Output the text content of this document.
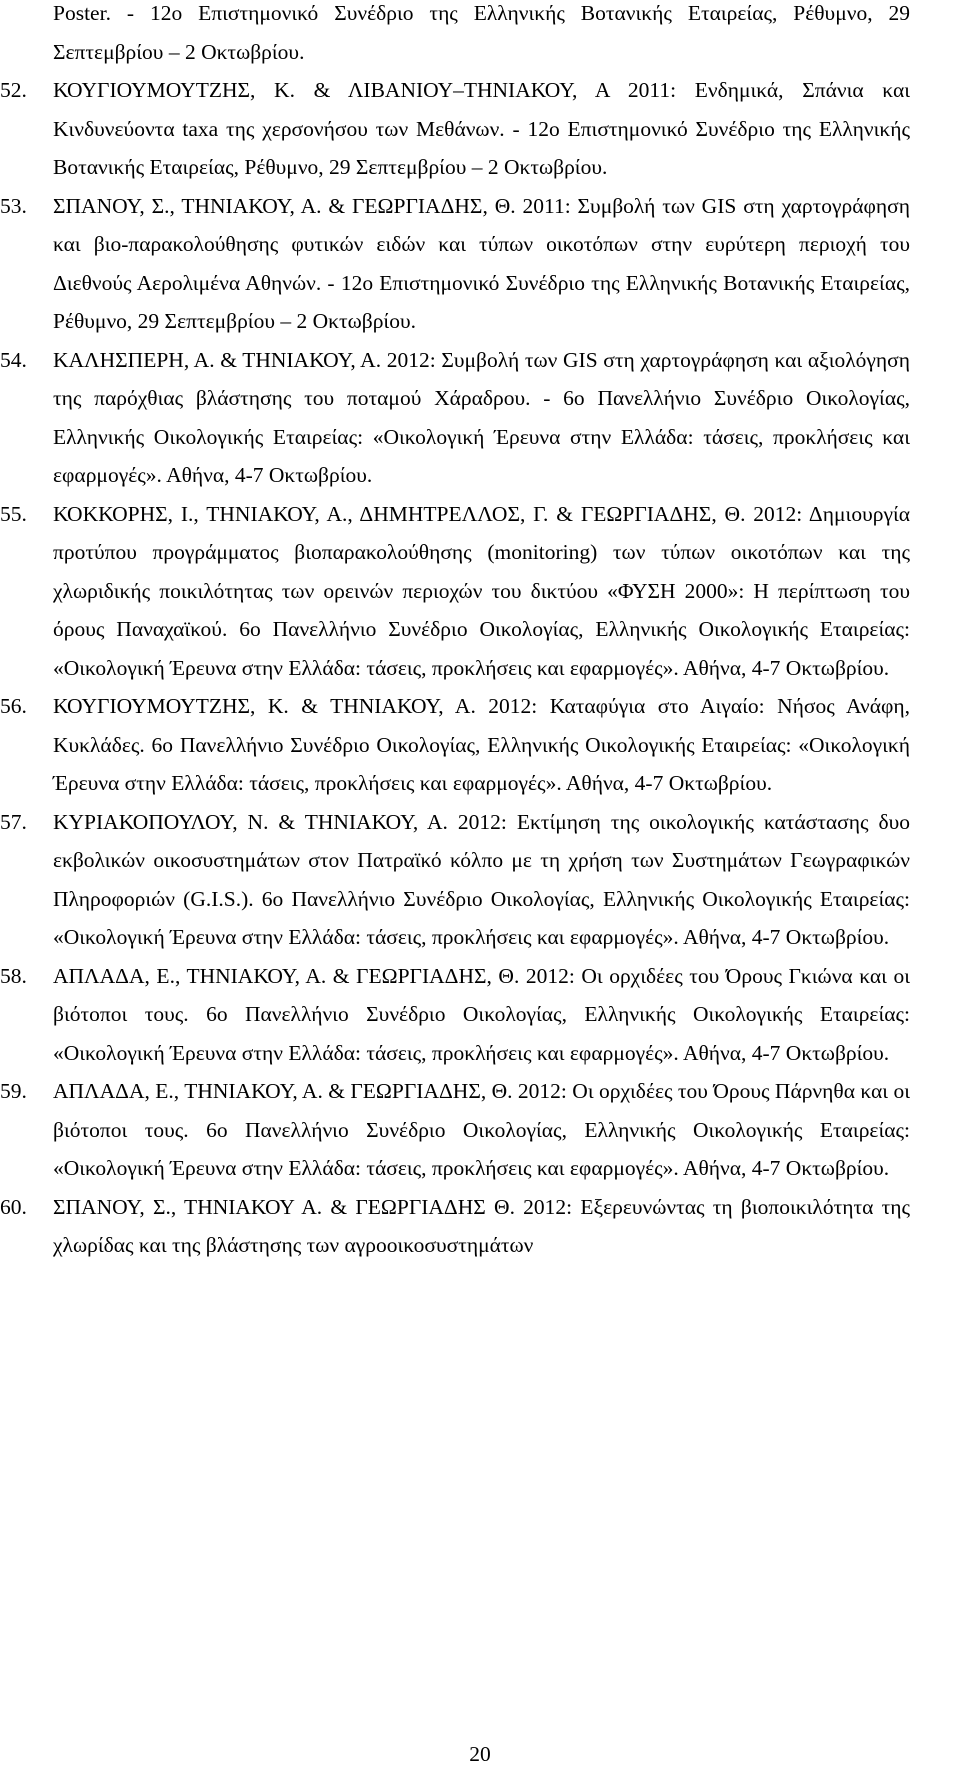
Poster. - 12ο Επιστημονικό Συνέδριο της Ελληνικής Βοτανικής Εταιρείας, Ρέθυμνο, 29 Σεπτεμβρίου – 2 Οκτωβρίου.
52.	ΚΟΥΓΙΟΥΜΟΥΤΖΗΣ, Κ. & ΛΙΒΑΝΙΟΥ–ΤΗΝΙΑΚΟΥ, Α 2011: Ενδημικά, Σπάνια και Κινδυνεύοντα taxa της χερσονήσου των Μεθάνων. - 12ο Επιστημονικό Συνέδριο της Ελληνικής Βοτανικής Εταιρείας, Ρέθυμνο, 29 Σεπτεμβρίου – 2 Οκτωβρίου.
53.	ΣΠΑΝΟΥ, Σ., ΤΗΝΙΑΚΟΥ, Α. & ΓΕΩΡΓΙΑΔΗΣ, Θ. 2011: Συμβολή των GIS στη χαρτογράφηση και βιο-παρακολούθησης φυτικών ειδών και τύπων οικοτόπων στην ευρύτερη περιοχή του Διεθνούς Αερολιμένα Αθηνών. - 12ο Επιστημονικό Συνέδριο της Ελληνικής Βοτανικής Εταιρείας, Ρέθυμνο, 29 Σεπτεμβρίου – 2 Οκτωβρίου.
54.	ΚΑΛΗΣΠΕΡΗ, Α. & ΤΗΝΙΑΚΟΥ, Α. 2012: Συμβολή των GIS στη χαρτογράφηση και αξιολόγηση της παρόχθιας βλάστησης του ποταμού Χάραδρου. - 6ο Πανελλήνιο Συνέδριο Οικολογίας, Ελληνικής Οικολογικής Εταιρείας: «Οικολογική Έρευνα στην Ελλάδα: τάσεις, προκλήσεις και εφαρμογές». Αθήνα, 4-7 Οκτωβρίου.
55.	ΚΟΚΚΟΡΗΣ, Ι., ΤΗΝΙΑΚΟΥ, Α., ΔΗΜΗΤΡΕΛΛΟΣ, Γ. & ΓΕΩΡΓΙΑΔΗΣ, Θ. 2012: Δημιουργία προτύπου προγράμματος βιοπαρακολούθησης (monitoring) των τύπων οικοτόπων και της χλωριδικής ποικιλότητας των ορεινών περιοχών του δικτύου «ΦΥΣΗ 2000»: Η περίπτωση του όρους Παναχαϊκού. 6ο Πανελλήνιο Συνέδριο Οικολογίας, Ελληνικής Οικολογικής Εταιρείας: «Οικολογική Έρευνα στην Ελλάδα: τάσεις, προκλήσεις και εφαρμογές». Αθήνα, 4-7 Οκτωβρίου.
56.	ΚΟΥΓΙΟΥΜΟΥΤΖΗΣ, Κ. & ΤΗΝΙΑΚΟΥ, Α. 2012: Καταφύγια στο Αιγαίο: Νήσος Ανάφη, Κυκλάδες. 6ο Πανελλήνιο Συνέδριο Οικολογίας, Ελληνικής Οικολογικής Εταιρείας: «Οικολογική Έρευνα στην Ελλάδα: τάσεις, προκλήσεις και εφαρμογές». Αθήνα, 4-7 Οκτωβρίου.
57.	ΚΥΡΙΑΚΟΠΟΥΛΟΥ, Ν. & ΤΗΝΙΑΚΟΥ, Α. 2012: Εκτίμηση της οικολογικής κατάστασης δυο εκβολικών οικοσυστημάτων στον Πατραϊκό κόλπο με τη χρήση των Συστημάτων Γεωγραφικών Πληροφοριών (G.I.S.). 6ο Πανελλήνιο Συνέδριο Οικολογίας, Ελληνικής Οικολογικής Εταιρείας: «Οικολογική Έρευνα στην Ελλάδα: τάσεις, προκλήσεις και εφαρμογές». Αθήνα, 4-7 Οκτωβρίου.
58.	ΑΠΛΑΔΑ, Ε., ΤΗΝΙΑΚΟΥ, Α. & ΓΕΩΡΓΙΑΔΗΣ, Θ. 2012: Οι ορχιδέες του Όρους Γκιώνα και οι βιότοποι τους. 6ο Πανελλήνιο Συνέδριο Οικολογίας, Ελληνικής Οικολογικής Εταιρείας: «Οικολογική Έρευνα στην Ελλάδα: τάσεις, προκλήσεις και εφαρμογές». Αθήνα, 4-7 Οκτωβρίου.
59.	ΑΠΛΑΔΑ, Ε., ΤΗΝΙΑΚΟΥ, Α. & ΓΕΩΡΓΙΑΔΗΣ, Θ. 2012: Οι ορχιδέες του Όρους Πάρνηθα και οι βιότοποι τους. 6ο Πανελλήνιο Συνέδριο Οικολογίας, Ελληνικής Οικολογικής Εταιρείας: «Οικολογική Έρευνα στην Ελλάδα: τάσεις, προκλήσεις και εφαρμογές». Αθήνα, 4-7 Οκτωβρίου.
60.	ΣΠΑΝΟΥ, Σ., ΤΗΝΙΑΚΟΥ Α. & ΓΕΩΡΓΙΑΔΗΣ Θ. 2012: Εξερευνώντας τη βιοποικιλότητα της χλωρίδας και της βλάστησης των αγροοικοσυστημάτων
20
